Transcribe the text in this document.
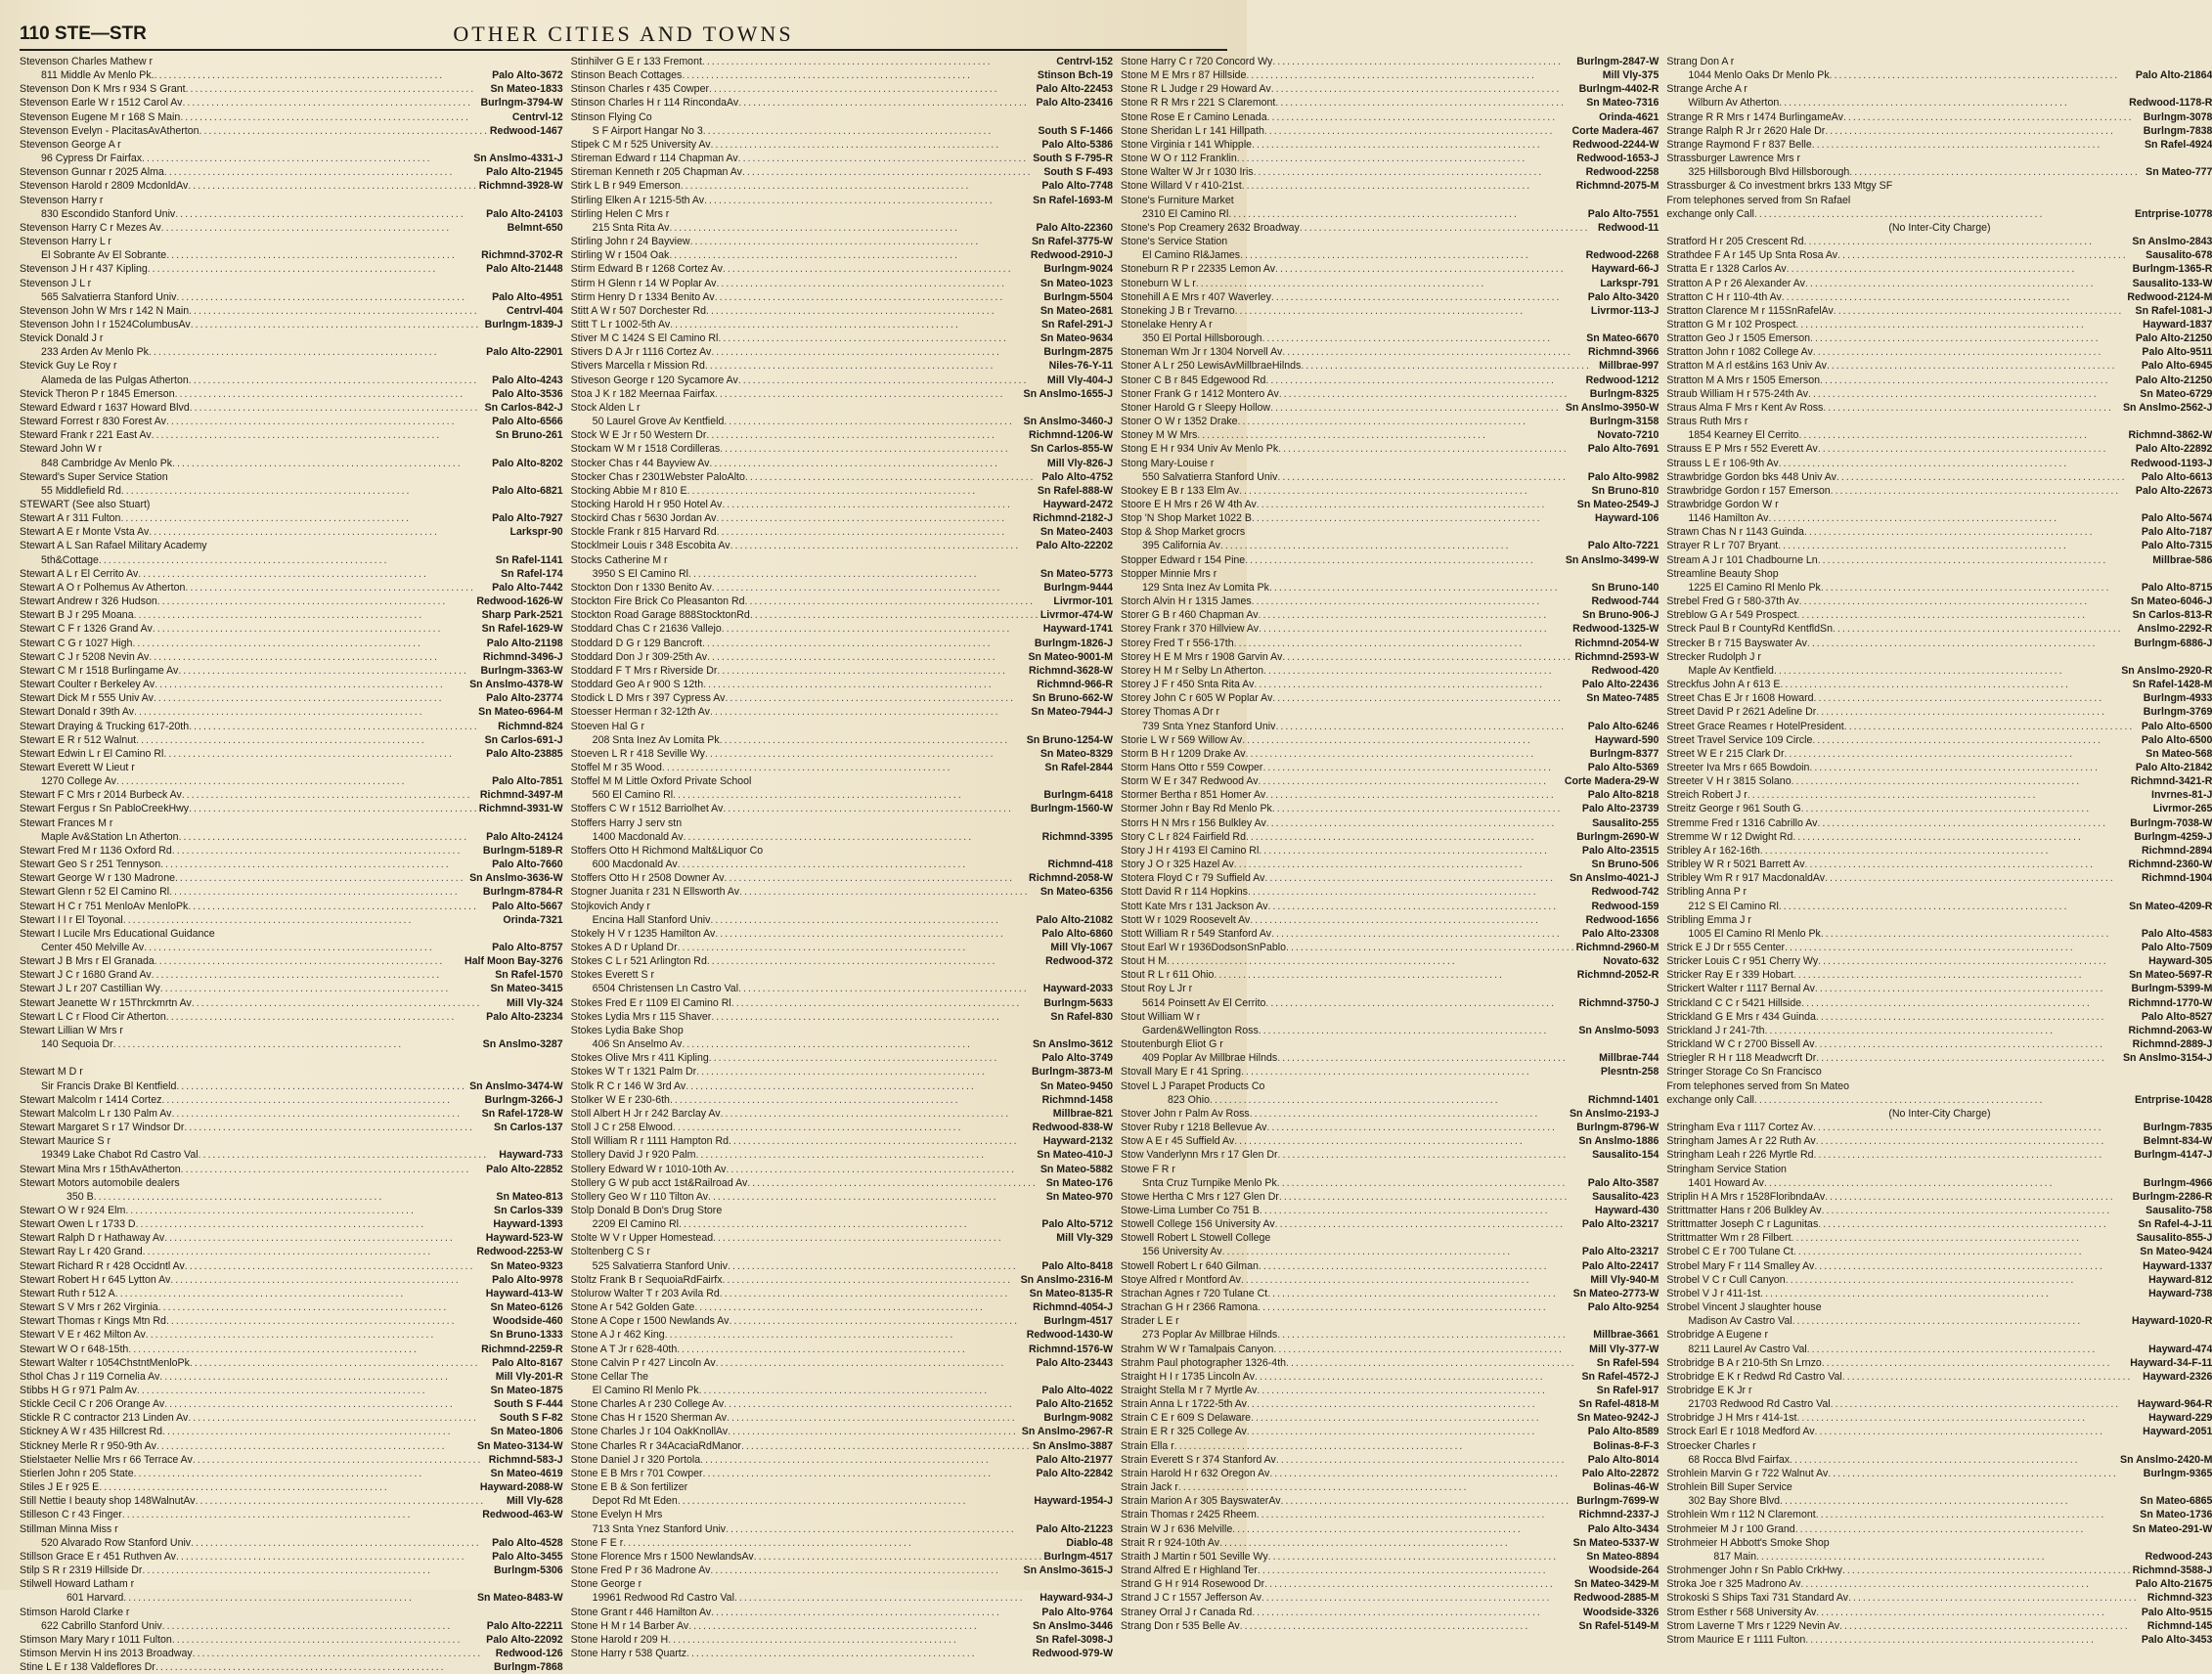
110 STE—STR	OTHER CITIES AND TOWNS
Stevenson Charles Mathew r
811 Middle Av Menlo Pk. ............................................................	Palo Alto-3672
Stevenson Don K Mrs r 934 S Grant ............................................................	Sn Mateo-1833
Stevenson Earle W r 1512 Carol Av ............................................................ Burlngm-3794-W
Stevenson Eugene M r 168 S Main ............................................................	Centrvl-12
Stevenson Evelyn - PlacitasAvAtherton ............................................................ Redwood-1467
Stevenson George A r
96 Cypress Dr Fairfax ............................................................	Sn Anslmo-4331-J
Stevenson Gunnar r 2025 Alma ............................................................	Palo Alto-21945
Stevenson Harold r 2809 McdonldAv ............................................................ Richmnd-3928-W
Stevenson Harry r
830 Escondido Stanford Univ ............................................................	Palo Alto-24103
Stevenson Harry C r Mezes Av ............................................................	Belmnt-650
Stevenson Harry L r
El Sobrante Av El Sobrante ............................................................	Richmnd-3702-R
Stevenson J H r 437 Kipling ............................................................	Palo Alto-21448
Stevenson J L r
565 Salvatierra Stanford Univ ............................................................	Palo Alto-4951
Stevenson John W Mrs r 142 N Main ............................................................	Centrvl-404
Stevenson John I r 1524ColumbusAv ............................................................ Burlngm-1839-J
Stevick Donald J r
233 Arden Av Menlo Pk ............................................................	Palo Alto-22901
Stevick Guy Le Roy r
Alameda de las Pulgas Atherton ............................................................	Palo Alto-4243
Stevick Theron P r 1845 Emerson ............................................................	Palo Alto-3536
Steward Edward r 1637 Howard Blvd ............................................................ Sn Carlos-842-J
Steward Forrest r 830 Forest Av ............................................................	Palo Alto-6566
Steward Frank r 221 East Av ............................................................	Sn Bruno-261
Steward John W r
848 Cambridge Av Menlo Pk ............................................................	Palo Alto-8202
Steward's Super Service Station
55 Middlefield Rd ............................................................	Palo Alto-6821
STEWART (See also Stuart)
Stewart A r 311 Fulton ............................................................	Palo Alto-7927
Stewart A E r Monte Vsta Av ............................................................	Larkspr-90
Stewart A L San Rafael Military Academy
5th&Cottage ............................................................	Sn Rafel-1141
Stewart A L r El Cerrito Av ............................................................	Sn Rafel-174
Stewart A O r Polhemus Av Atherton ............................................................	Palo Alto-7442
Stewart Andrew r 326 Hudson ............................................................	Redwood-1626-W
Stewart B J r 295 Moana ............................................................	Sharp Park-2521
Stewart C F r 1326 Grand Av ............................................................	Sn Rafel-1629-W
Stewart C G r 1027 High ............................................................	Palo Alto-21198
Stewart C J r 5208 Nevin Av ............................................................	Richmnd-3496-J
Stewart C M r 1518 Burlingame Av ............................................................	Burlngm-3363-W
Stewart Coulter r Berkeley Av ............................................................	Sn Anslmo-4378-W
Stewart Dick M r 555 Univ Av ............................................................	Palo Alto-23774
Stewart Donald r 39th Av ............................................................	Sn Mateo-6964-M
Stewart Draying & Trucking 617-20th ............................................................	Richmnd-824
Stewart E R r 512 Walnut ............................................................	Sn Carlos-691-J
Stewart Edwin L r El Camino Rl ............................................................	Palo Alto-23885
Stewart Everett W Lieut r
1270 College Av ............................................................	Palo Alto-7851
Stewart F C Mrs r 2014 Burbeck Av ............................................................ Richmnd-3497-M
Stewart Fergus r Sn PabloCreekHwy ............................................................ Richmnd-3931-W
Stewart Frances M r
Maple Av&Station Ln Atherton ............................................................	Palo Alto-24124
Stewart Fred M r 1136 Oxford Rd ............................................................	Burlngm-5189-R
Stewart Geo S r 251 Tennyson ............................................................	Palo Alto-7660
Stewart George W r 130 Madrone ............................................................ Sn Anslmo-3636-W
Stewart Glenn r 52 El Camino Rl ............................................................	Burlngm-8784-R
Stewart H C r 751 MenloAv MenloPk ............................................................	Palo Alto-5667
Stewart I I r El Toyonal ............................................................	Orinda-7321
Stewart I Lucile Mrs Educational Guidance
Center 450 Melville Av ............................................................	Palo Alto-8757
Stewart J B Mrs r El Granada ............................................................	Half Moon Bay-3276
Stewart J C r 1680 Grand Av ............................................................	Sn Rafel-1570
Stewart J L r 207 Castillian Wy ............................................................	Sn Mateo-3415
Stewart Jeanette W r 15Thrckmrtn Av ............................................................	Mill Vly-324
Stewart L C r Flood Cir Atherton ............................................................	Palo Alto-23234
Stewart Lillian W Mrs r
140 Sequoia Dr ............................................................	Sn Anslmo-3287

Stewart M D r
Sir Francis Drake Bl Kentfield ............................................................ Sn Anslmo-3474-W
Stewart Malcolm r 1414 Cortez ............................................................	Burlngm-3266-J
Stewart Malcolm L r 130 Palm Av ............................................................	Sn Rafel-1728-W
Stewart Margaret S r 17 Windsor Dr ............................................................	Sn Carlos-137
Stewart Maurice S r
19349 Lake Chabot Rd Castro Val ............................................................	Hayward-733
Stewart Mina Mrs r 15thAvAtherton ............................................................	Palo Alto-22852
Stewart Motors automobile dealers
350 B ............................................................	Sn Mateo-813
Stewart O W r 924 Elm ............................................................	Sn Carlos-339
Stewart Owen L r 1733 D ............................................................	Hayward-1393
Stewart Ralph D r Hathaway Av ............................................................	Hayward-523-W
Stewart Ray L r 420 Grand ............................................................	Redwood-2253-W
Stewart Richard R r 428 Occidntl Av ............................................................	Sn Mateo-9323
Stewart Robert H r 645 Lytton Av ............................................................	Palo Alto-9978
Stewart Ruth r 512 A ............................................................	Hayward-413-W
Stewart S V Mrs r 262 Virginia ............................................................	Sn Mateo-6126
Stewart Thomas r Kings Mtn Rd ............................................................	Woodside-460
Stewart V E r 462 Milton Av ............................................................	Sn Bruno-1333
Stewart W O r 648-15th ............................................................	Richmnd-2259-R
Stewart Walter r 1054ChstntMenloPk ............................................................	Palo Alto-8167
Sthol Chas J r 119 Cornelia Av ............................................................	Mill Vly-201-R
Stibbs H G r 971 Palm Av ............................................................	Sn Mateo-1875
Stickle Cecil C r 206 Orange Av ............................................................	South S F-444
Stickle R C contractor 213 Linden Av ............................................................	South S F-82
Stickney A W r 435 Hillcrest Rd ............................................................	Sn Mateo-1806
Stickney Merle R r 950-9th Av ............................................................	Sn Mateo-3134-W
Stielstaeter Nellie Mrs r 66 Terrace Av ............................................................ Richmnd-583-J
Stierlen John r 205 State ............................................................	Sn Mateo-4619
Stiles J E r 925 E ............................................................	Hayward-2088-W
Still Nettie I beauty shop 148WalnutAv ............................................................	Mill Vly-628
Stilleson C r 43 Finger ............................................................	Redwood-463-W
Stillman Minna Miss r
520 Alvarado Row Stanford Univ ............................................................	Palo Alto-4528
Stillson Grace E r 451 Ruthven Av ............................................................	Palo Alto-3455
Stilp S R r 2319 Hillside Dr ............................................................	Burlngm-5306
Stilwell Howard Latham r
601 Harvard ............................................................	Sn Mateo-8483-W
Stimson Harold Clarke r
622 Cabrillo Stanford Univ ............................................................	Palo Alto-22211
Stimson Mary Mary r 1011 Fulton ............................................................	Palo Alto-22092
Stimson Mervin H ins 2013 Broadway ............................................................	Redwood-126
Stine L E r 138 Valdeflores Dr ............................................................	Burlngm-7868
Stinhilver G E r 133 Fremont ............................................................	Centrvl-152
Stinson Beach Cottages ............................................................	Stinson Bch-19
Stinson Charles r 435 Cowper ............................................................	Palo Alto-22453
Stinson Charles H r 114 RincondaAv ............................................................ Palo Alto-23416
Stinson Flying Co
S F Airport Hangar No 3 ............................................................	South S F-1466
Stipek C M r 525 University Av ............................................................	Palo Alto-5386
Stireman Edward r 114 Chapman Av ............................................................ South S F-795-R
Stireman Kenneth r 205 Chapman Av ............................................................	South S F-493
Stirk L B r 949 Emerson ............................................................	Palo Alto-7748
Stirling Elken A r 1215-5th Av ............................................................	Sn Rafel-1693-M
Stirling Helen C Mrs r
215 Snta Rita Av ............................................................	Palo Alto-22360
Stirling John r 24 Bayview ............................................................	Sn Rafel-3775-W
Stirling W r 1504 Oak ............................................................	Redwood-2910-J
Stirm Edward B r 1268 Cortez Av ............................................................	Burlngm-9024
Stirm H Glenn r 14 W Poplar Av ............................................................	Sn Mateo-1023
Stirm Henry D r 1334 Benito Av ............................................................	Burlngm-5504
Stitt A W r 507 Dorchester Rd ............................................................	Sn Mateo-2681
Stitt T L r 1002-5th Av ............................................................	Sn Rafel-291-J
Stiver M C 1424 S El Camino Rl ............................................................	Sn Mateo-9634
Stivers D A Jr r 1116 Cortez Av ............................................................	Burlngm-2875
Stivers Marcella r Mission Rd ............................................................	Niles-76-Y-11
Stiveson George r 120 Sycamore Av ............................................................	Mill Vly-404-J
Stoa J K r 182 Meernaa Fairfax ............................................................	Sn Anslmo-1655-J
Stock Alden L r
50 Laurel Grove Av Kentfield ............................................................ Sn Anslmo-3460-J
Stock W E Jr r 50 Western Dr ............................................................	Richmnd-1206-W
Stockam W M r 1518 Cordilleras ............................................................	Sn Carlos-855-W
Stocker Chas r 44 Bayview Av ............................................................	Mill Vly-826-J
Stocker Chas r 2301Webster PaloAlto ............................................................ Palo Alto-4752
Stocking Abbie M r 810 E ............................................................	Sn Rafel-888-W
Stocking Harold H r 950 Hotel Av ............................................................	Hayward-2472
Stockird Chas r 5630 Jordan Av ............................................................	Richmnd-2182-J
Stockle Frank r 815 Harvard Rd ............................................................	Sn Mateo-2403
Stocklmeir Louis r 348 Escobita Av ............................................................	Palo Alto-22202
Stocks Catherine M r
3950 S El Camino Rl ............................................................	Sn Mateo-5773
Stockton Don r 1330 Benito Av ............................................................	Burlngm-9444
Stockton Fire Brick Co Pleasanton Rd ............................................................	Livrmor-101
Stockton Road Garage 888StocktonRd ............................................................ Livrmor-474-W
Stoddard Chas C r 21636 Vallejo ............................................................	Hayward-1741
Stoddard D G r 129 Bancroft ............................................................	Burlngm-1826-J
Stoddard Don J r 309-25th Av ............................................................	Sn Mateo-9001-M
Stoddard F T Mrs r Riverside Dr ............................................................	Richmnd-3628-W
Stoddard Geo A r 900 S 12th ............................................................	Richmnd-966-R
Stodick L D Mrs r 397 Cypress Av ............................................................	Sn Bruno-662-W
Stoesser Herman r 32-12th Av ............................................................	Sn Mateo-7944-J
Stoeven Hal G r
208 Snta Inez Av Lomita Pk ............................................................	Sn Bruno-1254-W
Stoeven L R r 418 Seville Wy ............................................................	Sn Mateo-8329
Stoffel M r 35 Wood ............................................................	Sn Rafel-2844
Stoffel M M Little Oxford Private School
560 El Camino Rl ............................................................	Burlngm-6418
Stoffers C W r 1512 Barriolhet Av ............................................................	Burlngm-1560-W
Stoffers Harry J serv stn
1400 Macdonald Av ............................................................	Richmnd-3395
Stoffers Otto H Richmond Malt&Liquor Co
600 Macdonald Av ............................................................	Richmnd-418
Stoffers Otto H r 2508 Downer Av ............................................................	Richmnd-2058-W
Stogner Juanita r 231 N Ellsworth Av ............................................................	Sn Mateo-6356
Stojkovich Andy r
Encina Hall Stanford Univ ............................................................	Palo Alto-21082
Stokely H V r 1235 Hamilton Av ............................................................	Palo Alto-6860
Stokes A D r Upland Dr ............................................................	Mill Vly-1067
Stokes C L r 521 Arlington Rd ............................................................	Redwood-372
Stokes Everett S r
6504 Christensen Ln Castro Val ............................................................	Hayward-2033
Stokes Fred E r 1109 El Camino Rl ............................................................	Burlngm-5633
Stokes Lydia Mrs r 115 Shaver ............................................................	Sn Rafel-830
Stokes Lydia Bake Shop
406 Sn Anselmo Av ............................................................	Sn Anslmo-3612
Stokes Olive Mrs r 411 Kipling ............................................................	Palo Alto-3749
Stokes W T r 1321 Palm Dr ............................................................	Burlngm-3873-M
Stolk R C r 146 W 3rd Av ............................................................	Sn Mateo-9450
Stolker W E r 230-6th ............................................................	Richmnd-1458
Stoll Albert H Jr r 242 Barclay Av ............................................................	Millbrae-821
Stoll J C r 258 Elwood ............................................................	Redwood-838-W
Stoll William R r 1111 Hampton Rd ............................................................	Hayward-2132
Stollery David J r 920 Palm ............................................................	Sn Mateo-410-J
Stollery Edward W r 1010-10th Av ............................................................	Sn Mateo-5882
Stollery G W pub acct 1st&Railroad Av ............................................................ Sn Mateo-176
Stollery Geo W r 110 Tilton Av ............................................................	Sn Mateo-970
Stolp Donald B Don's Drug Store
2209 El Camino Rl ............................................................	Palo Alto-5712
Stolte W V r Upper Homestead ............................................................	Mill Vly-329
Stoltenberg C S r
525 Salvatierra Stanford Univ ............................................................	Palo Alto-8418
Stoltz Frank B r SequoiaRdFairfx ............................................................ Sn Anslmo-2316-M
Stolurow Walter T r 203 Avila Rd ............................................................	Sn Mateo-8135-R
Stone A r 542 Golden Gate ............................................................	Richmnd-4054-J
Stone A Cope r 1500 Newlands Av ............................................................	Burlngm-4517
Stone A J r 462 King ............................................................	Redwood-1430-W
Stone A T Jr r 628-40th ............................................................	Richmnd-1576-W
Stone Calvin P r 427 Lincoln Av ............................................................	Palo Alto-23443
Stone Cellar The
El Camino Rl Menlo Pk ............................................................	Palo Alto-4022
Stone Charles A r 230 College Av ............................................................	Palo Alto-21652
Stone Chas H r 1520 Sherman Av ............................................................	Burlngm-9082
Stone Charles J r 104 OakKnollAv ............................................................ Sn Anslmo-2967-R
Stone Charles R r 34AcaciaRdManor ............................................................ Sn Anslmo-3887
Stone Daniel J r 320 Portola ............................................................	Palo Alto-21977
Stone E B Mrs r 701 Cowper ............................................................	Palo Alto-22842
Stone E B & Son fertilizer
Depot Rd Mt Eden ............................................................	Hayward-1954-J
Stone Evelyn H Mrs
713 Snta Ynez Stanford Univ ............................................................	Palo Alto-21223
Stone F E r ............................................................	Diablo-48
Stone Florence Mrs r 1500 NewlandsAv ............................................................ Burlngm-4517
Stone Fred P r 36 Madrone Av ............................................................	Sn Anslmo-3615-J
Stone George r
19961 Redwood Rd Castro Val ............................................................	Hayward-934-J
Stone Grant r 446 Hamilton Av ............................................................	Palo Alto-9764
Stone H M r 14 Barber Av ............................................................	Sn Anslmo-3446
Stone Harold r 209 H ............................................................	Sn Rafel-3098-J
Stone Harry r 538 Quartz ............................................................	Redwood-979-W
Stone Harry C r 720 Concord Wy ............................................................	Burlngm-2847-W
Stone M E Mrs r 87 Hillside ............................................................	Mill Vly-375
Stone R L Judge r 29 Howard Av ............................................................	Burlngm-4402-R
Stone R R Mrs r 221 S Claremont ............................................................	Sn Mateo-7316
Stone Rose E r Camino Lenada ............................................................	Orinda-4621
Stone Sheridan L r 141 Hillpath ............................................................	Corte Madera-467
Stone Virginia r 141 Whipple ............................................................	Redwood-2244-W
Stone W O r 112 Franklin ............................................................	Redwood-1653-J
Stone Walter W Jr r 1030 Iris ............................................................	Redwood-2258
Stone Willard V r 410-21st ............................................................	Richmnd-2075-M
Stone's Furniture Market
2310 El Camino Rl ............................................................	Palo Alto-7551
Stone's Pop Creamery 2632 Broadway ............................................................ Redwood-11
Stone's Service Station
El Camino Rl&James ............................................................	Redwood-2268
Stoneburn R P r 22335 Lemon Av ............................................................	Hayward-66-J
Stoneburn W L r ............................................................	Larkspr-791
Stonehill A E Mrs r 407 Waverley ............................................................	Palo Alto-3420
Stoneking J B r Trevarno ............................................................	Livrmor-113-J
Stonelake Henry A r
350 El Portal Hillsborough ............................................................	Sn Mateo-6670
Stoneman Wm Jr r 1304 Norvell Av ............................................................	Richmnd-3966
Stoner A L r 250 LewisAvMillbraeHilnds ............................................................ Millbrae-997
Stoner C B r 845 Edgewood Rd ............................................................	Redwood-1212
Stoner Frank G r 1412 Montero Av ............................................................	Burlngm-8325
Stoner Harold G r Sleepy Hollow ............................................................ Sn Anslmo-3950-W
Stoner O W r 1352 Drake ............................................................	Burlngm-3158
Stoney M W Mrs ............................................................	Novato-7210
Stong E H r 934 Univ Av Menlo Pk ............................................................	Palo Alto-7691
Stong Mary-Louise r
550 Salvatierra Stanford Univ ............................................................	Palo Alto-9982
Stookey E B r 133 Elm Av ............................................................	Sn Bruno-810
Stoore E H Mrs r 26 W 4th Av ............................................................	Sn Mateo-2549-J
Stop 'N Shop Market 1022 B ............................................................	Hayward-106
Stop & Shop Market grocrs
395 California Av ............................................................	Palo Alto-7221
Stopper Edward r 154 Pine ............................................................	Sn Anslmo-3499-W
Stopper Minnie Mrs r
129 Snta Inez Av Lomita Pk ............................................................	Sn Bruno-140
Storch Alvin H r 1315 James ............................................................	Redwood-744
Storer G B r 460 Chapman Av ............................................................	Sn Bruno-906-J
Storey Frank r 370 Hillview Av ............................................................	Redwood-1325-W
Storey Fred T r 556-17th ............................................................	Richmnd-2054-W
Storey H E M Mrs r 1908 Garvin Av ............................................................ Richmnd-2593-W
Storey H M r Selby Ln Atherton ............................................................	Redwood-420
Storey J F r 450 Snta Rita Av ............................................................	Palo Alto-22436
Storey John C r 605 W Poplar Av ............................................................	Sn Mateo-7485
Storey Thomas A Dr r
739 Snta Ynez Stanford Univ ............................................................	Palo Alto-6246
Storie L W r 569 Willow Av ............................................................	Hayward-590
Storm B H r 1209 Drake Av ............................................................	Burlngm-8377
Storm Hans Otto r 559 Cowper ............................................................	Palo Alto-5369
Storm W E r 347 Redwood Av ............................................................	Corte Madera-29-W
Stormer Bertha r 851 Homer Av ............................................................	Palo Alto-8218
Stormer John r Bay Rd Menlo Pk ............................................................	Palo Alto-23739
Storrs H N Mrs r 156 Bulkley Av ............................................................	Sausalito-255
Story C L r 824 Fairfield Rd ............................................................	Burlngm-2690-W
Story J H r 4193 El Camino Rl ............................................................	Palo Alto-23515
Story J O r 325 Hazel Av ............................................................	Sn Bruno-506
Stotera Floyd C r 79 Suffield Av ............................................................	Sn Anslmo-4021-J
Stott David R r 114 Hopkins ............................................................	Redwood-742
Stott Kate Mrs r 131 Jackson Av ............................................................	Redwood-159
Stott W r 1029 Roosevelt Av ............................................................	Redwood-1656
Stott William R r 549 Stanford Av ............................................................	Palo Alto-23308
Stout Earl W r 1936DodsonSnPablo ............................................................ Richmnd-2960-M
Stout H M ............................................................	Novato-632
Stout R L r 611 Ohio ............................................................	Richmnd-2052-R
Stout Roy L Jr r
5614 Poinsett Av El Cerrito ............................................................	Richmnd-3750-J
Stout William W r
Garden&Wellington Ross ............................................................	Sn Anslmo-5093
Stoutenburgh Eliot G r
409 Poplar Av Millbrae Hilnds ............................................................	Millbrae-744
Stovall Mary E r 41 Spring ............................................................	Plesntn-258
Stovel L J Parapet Products Co
823 Ohio ............................................................	Richmnd-1401
Stover John r Palm Av Ross ............................................................	Sn Anslmo-2193-J
Stover Ruby r 1218 Bellevue Av ............................................................	Burlngm-8796-W
Stow A E r 45 Suffield Av ............................................................	Sn Anslmo-1886
Stow Vanderlynn Mrs r 17 Glen Dr ............................................................	Sausalito-154
Stowe F R r
Snta Cruz Turnpike Menlo Pk ............................................................	Palo Alto-3587
Stowe Hertha C Mrs r 127 Glen Dr ............................................................	Sausalito-423
Stowe-Lima Lumber Co 751 B ............................................................	Hayward-430
Stowell College 156 University Av ............................................................	Palo Alto-23217
Stowell Robert L Stowell College
156 University Av ............................................................	Palo Alto-23217
Stowell Robert L r 640 Gilman ............................................................	Palo Alto-22417
Stoye Alfred r Montford Av ............................................................	Mill Vly-940-M
Strachan Agnes r 720 Tulane Ct ............................................................	Sn Mateo-2773-W
Strachan G H r 2366 Ramona ............................................................	Palo Alto-9254
Strader L E r
273 Poplar Av Millbrae Hilnds ............................................................	Millbrae-3661
Strahm W W r Tamalpais Canyon ............................................................	Mill Vly-377-W
Strahm Paul photographer 1326-4th ............................................................	Sn Rafel-594
Straight H I r 1735 Lincoln Av ............................................................	Sn Rafel-4572-J
Straight Stella M r 7 Myrtle Av ............................................................	Sn Rafel-917
Strain Anna L r 1722-5th Av ............................................................	Sn Rafel-4818-M
Strain C E r 609 S Delaware ............................................................	Sn Mateo-9242-J
Strain E R r 325 College Av ............................................................	Palo Alto-8589
Strain Ella r ............................................................	Bolinas-8-F-3
Strain Everett S r 374 Stanford Av ............................................................	Palo Alto-8014
Strain Harold H r 632 Oregon Av ............................................................	Palo Alto-22872
Strain Jack r ............................................................	Bolinas-46-W
Strain Marion A r 305 BayswaterAv ............................................................ Burlngm-7699-W
Strain Thomas r 2425 Rheem ............................................................	Richmnd-2337-J
Strain W J r 636 Melville ............................................................	Palo Alto-3434
Strait R r 924-10th Av ............................................................	Sn Mateo-5337-W
Straith J Martin r 501 Seville Wy ............................................................	Sn Mateo-8894
Strand Alfred E r Highland Ter ............................................................	Woodside-264
Strand G H r 914 Rosewood Dr ............................................................	Sn Mateo-3429-M
Strand J C r 1557 Jefferson Av ............................................................	Redwood-2885-M
Straney Orral J r Canada Rd ............................................................	Woodside-3326
Strang Don r 535 Belle Av ............................................................	Sn Rafel-5149-M
Strang Don A r
1044 Menlo Oaks Dr Menlo Pk ............................................................	Palo Alto-21864
Strange Arche A r
Wilburn Av Atherton ............................................................	Redwood-1178-R
Strange R R Mrs r 1474 BurlingameAv ............................................................ Burlngm-3078
Strange Ralph R Jr r 2620 Hale Dr ............................................................	Burlngm-7838
Strange Raymond F r 837 Belle ............................................................	Sn Rafel-4924
Strassburger Lawrence Mrs r
325 Hillsborough Blvd Hillsborough ............................................................ Sn Mateo-777
Strassburger & Co investment brkrs 133 Mtgy SF
From telephones served from Sn Rafael
exchange only Call ............................................................	Entrprise-10778
(No Inter-City Charge)
Stratford H r 205 Crescent Rd ............................................................	Sn Anslmo-2843
Strathdee F A r 145 Up Snta Rosa Av ............................................................	Sausalito-678
Stratta E r 1328 Carlos Av ............................................................	Burlngm-1365-R
Stratton A P r 26 Alexander Av ............................................................	Sausalito-133-W
Stratton C H r 110-4th Av ............................................................	Redwood-2124-M
Stratton Clarence M r 115SnRafelAv ............................................................	Sn Rafel-1081-J
Stratton G M r 102 Prospect ............................................................	Hayward-1837
Stratton Geo J r 1505 Emerson ............................................................	Palo Alto-21250
Stratton John r 1082 College Av ............................................................	Palo Alto-9511
Stratton M A rl est&ins 163 Univ Av ............................................................	Palo Alto-6945
Stratton M A Mrs r 1505 Emerson ............................................................	Palo Alto-21250
Straub William H r 575-24th Av ............................................................	Sn Mateo-6729
Straus Alma F Mrs r Kent Av Ross ............................................................ Sn Anslmo-2562-J
Straus Ruth Mrs r
1854 Kearney El Cerrito ............................................................	Richmnd-3862-W
Strauss E P Mrs r 552 Everett Av ............................................................	Palo Alto-22892
Strauss L E r 106-9th Av ............................................................	Redwood-1193-J
Strawbridge Gordon bks 448 Univ Av ............................................................	Palo Alto-6613
Strawbridge Gordon r 157 Emerson ............................................................	Palo Alto-22673
Strawbridge Gordon W r
1146 Hamilton Av ............................................................	Palo Alto-5674
Strawn Chas N r 1143 Guinda ............................................................	Palo Alto-7187
Strayer R L r 707 Bryant ............................................................	Palo Alto-7315
Stream A J r 101 Chadbourne Ln ............................................................	Millbrae-586
Streamline Beauty Shop
1225 El Camino Rl Menlo Pk ............................................................	Palo Alto-8715
Strebel Fred G r 580-37th Av ............................................................	Sn Mateo-6046-J
Streblow G A r 549 Prospect ............................................................	Sn Carlos-813-R
Streck Paul B r CountyRd KentfldSn ............................................................	Anslmo-2292-R
Strecker B r 715 Bayswater Av ............................................................	Burlngm-6886-J
Strecker Rudolph J r
Maple Av Kentfield ............................................................	Sn Anslmo-2920-R
Streckfus John A r 613 E ............................................................	Sn Rafel-1428-M
Street Chas E Jr r 1608 Howard ............................................................	Burlngm-4933
Street David P r 2621 Adeline Dr ............................................................	Burlngm-3769
Street Grace Reames r HotelPresident ............................................................ Palo Alto-6500
Street Travel Service 109 Circle ............................................................	Palo Alto-6500
Street W E r 215 Clark Dr ............................................................	Sn Mateo-568
Streeter Iva Mrs r 665 Bowdoin ............................................................	Palo Alto-21842
Streeter V H r 3815 Solano ............................................................	Richmnd-3421-R
Streich Robert J r ............................................................	Invrnes-81-J
Streitz George r 961 South G ............................................................	Livrmor-265
Stremme Fred r 1316 Cabrillo Av ............................................................	Burlngm-7038-W
Stremme W r 12 Dwight Rd ............................................................	Burlngm-4259-J
Stribley A r 162-16th ............................................................	Richmnd-2894
Stribley W R r 5021 Barrett Av ............................................................	Richmnd-2360-W
Stribley Wm R r 917 MacdonaldAv ............................................................	Richmnd-1904
Stribling Anna P r
212 S El Camino Rl ............................................................	Sn Mateo-4209-R
Stribling Emma J r
1005 El Camino Rl Menlo Pk ............................................................	Palo Alto-4583
Strick E J Dr r 555 Center ............................................................	Palo Alto-7509
Stricker Louis C r 951 Cherry Wy ............................................................	Hayward-305
Stricker Ray E r 339 Hobart ............................................................	Sn Mateo-5697-R
Strickert Walter r 1117 Bernal Av ............................................................	Burlngm-5399-M
Strickland C C r 5421 Hillside ............................................................	Richmnd-1770-W
Strickland G E Mrs r 434 Guinda ............................................................	Palo Alto-8527
Strickland J r 241-7th ............................................................	Richmnd-2063-W
Strickland W C r 2700 Bissell Av ............................................................	Richmnd-2889-J
Striegler R H r 118 Meadwcrft Dr ............................................................	Sn Anslmo-3154-J
Stringer Storage Co Sn Francisco
From telephones served from Sn Mateo
exchange only Call ............................................................	Entrprise-10428
(No Inter-City Charge)
Stringham Eva r 1117 Cortez Av ............................................................	Burlngm-7835
Stringham James A r 22 Ruth Av ............................................................	Belmnt-834-W
Stringham Leah r 226 Myrtle Rd ............................................................	Burlngm-4147-J
Stringham Service Station
1401 Howard Av ............................................................	Burlngm-4966
Striplin H A Mrs r 1528FloribndaAv ............................................................	Burlngm-2286-R
Strittmatter Hans r 206 Bulkley Av ............................................................	Sausalito-758
Strittmatter Joseph C r Lagunitas ............................................................	Sn Rafel-4-J-11
Strittmatter Wm r 28 Filbert ............................................................	Sausalito-855-J
Strobel C E r 700 Tulane Ct ............................................................	Sn Mateo-9424
Strobel Mary F r 114 Smalley Av ............................................................	Hayward-1337
Strobel V C r Cull Canyon ............................................................	Hayward-812
Strobel V J r 411-1st ............................................................	Hayward-738
Strobel Vincent J slaughter house
Madison Av Castro Val ............................................................	Hayward-1020-R
Strobridge A Eugene r
8211 Laurel Av Castro Val ............................................................	Hayward-474
Strobridge B A r 210-5th Sn Lrnzo ............................................................	Hayward-34-F-11
Strobridge E K r Redwd Rd Castro Val ............................................................	Hayward-2326
Strobridge E K Jr r
21703 Redwood Rd Castro Val ............................................................	Hayward-964-R
Strobridge J H Mrs r 414-1st ............................................................	Hayward-229
Strock Earl E r 1018 Medford Av ............................................................	Hayward-2051
Stroecker Charles r
68 Rocca Blvd Fairfax ............................................................	Sn Anslmo-2420-M
Strohlein Marvin G r 722 Walnut Av ............................................................	Burlngm-9365
Strohlein Bill Super Service
302 Bay Shore Blvd ............................................................	Sn Mateo-6865
Strohlein Wm r 112 N Claremont ............................................................	Sn Mateo-1736
Strohmeier M J r 100 Grand ............................................................	Sn Mateo-291-W
Strohmeier H Abbott's Smoke Shop
817 Main ............................................................	Redwood-243
Strohmenger John r Sn Pablo CrkHwy ............................................................ Richmnd-3588-J
Stroka Joe r 325 Madrono Av ............................................................	Palo Alto-21675
Strokoski S Ships Taxi 731 Standard Av ............................................................ Richmnd-323
Strom Esther r 568 University Av ............................................................	Palo Alto-9515
Strom Laverne T Mrs r 1229 Nevin Av ............................................................	Richmnd-145
Strom Maurice E r 1111 Fulton ............................................................	Palo Alto-3453
